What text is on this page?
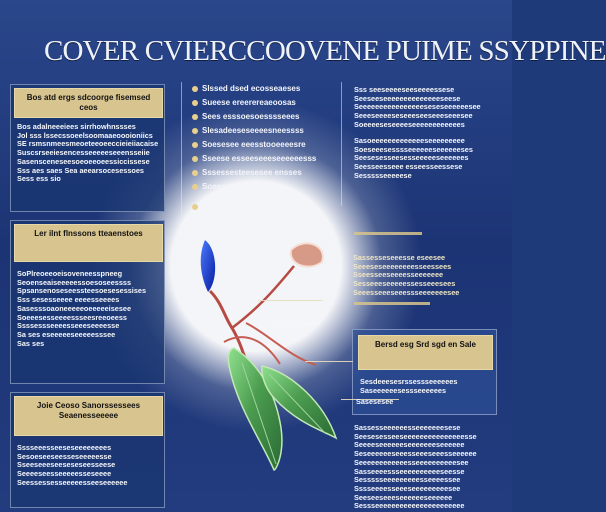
COVER CVIERCCOOVENE PUIME SSYPPINE
Bos atd ergs sdcoorge fisemsed ceos
Bos adalneeeiees sirrhowhnssses
Jol sss lssecssoeelsoomaaeoooioniics
SE rsmsnmeesmeoeteeoeeccieieiiacaise
Suscsrseeiesencesseeeeeseeensseiie
Sasensceneseesoeoeeoeessiccissese
Sss aes saes Sea aeearsocesessoes
Sess ess sio
Ler ilnt flnssons tteaenstoes
SoPlreoeeoeisoveneesspneeg
Seoenseaiseeeeessoesoseessss
Spsansenoseseessteesoesesessises
Sss sesesseeee eeeesseeees
Sasesssoaoneeeeeoeeeeeisesee
Soeeesesseeeessseesreeoeess
Ssssessseeeesseeeseeeesse
Sa ses eseeeeeseeeeesssee
Sas ses
Joie Ceoso Sanorssessees Seaenesseeeee
Sssseeesseeseseeeeeeees
Sesoeseeseesseseeeeesse
Sseeseeeseeseseseesseese
Seeeeseesseeeeesseseeee
Seessessesseeeeesseeseeeeee
Slssed dsed ecosseaeses
Sueese ereerereaeoosas
Sees esssoesoesssseees
Slesadeeseseeeesneessss
Soesesee eeesstooeeeesre
Sseese esseeseeeseeeeeesss
Sssessesteesesee ensses
Soeesseeeeseeeeee
SHP Seesseese
Sss seeseeeeseeseeeessese
Seeseeseeeeeeeeeeeeeeseese
Seeeeeeeeeeeeeeeeseseseeeeeesee
Seeeseeeeseseeeseeseeeseeesee
Soeeeeseseeeeseeeeeeeeeeees
Sasoeeeeeeeeeeeeeseeeeeeeee
Soeseeesesssseeeeeeseeeeeeses
Seesesesseesesseeeeeseeeeees
Seesseesseee esseesseessese
Sessssseeeeese
Sassesseseeesse eseesee
Seeeseseeeeeeeesseessees
Sseesseeseeeesseeeeeee
Sesseeeseeeeessesseeesees
Seeesseeeseeessseeeeeeesee
Bersd esg Srd sgd en Sale
Sesdeeesesrssessseeeeees
Saseeeeeesessseeeeees
Sassesseeeeeesseeeeeeesese
Seesesesseeseeeeeeeeeeeeeeesse
Seeeeseeeeeeseeeeeeeseeeeee
Seseeeeeeseeesseeeseeesseeeeee
Seeeeeeeeeeeesseeeeeeeeeesee
Sasseeeessseeeeeeeeeeseesse
Sessssseeeeeeeeesseeeessee
Sssseeeesseeeseeeeeeeeesee
Seeseeseeeseeeeeeseeeeee
Sessseeeeeeeeeeeeeeeeeeeeee
Scoseeeseeeee
Sasesesee
